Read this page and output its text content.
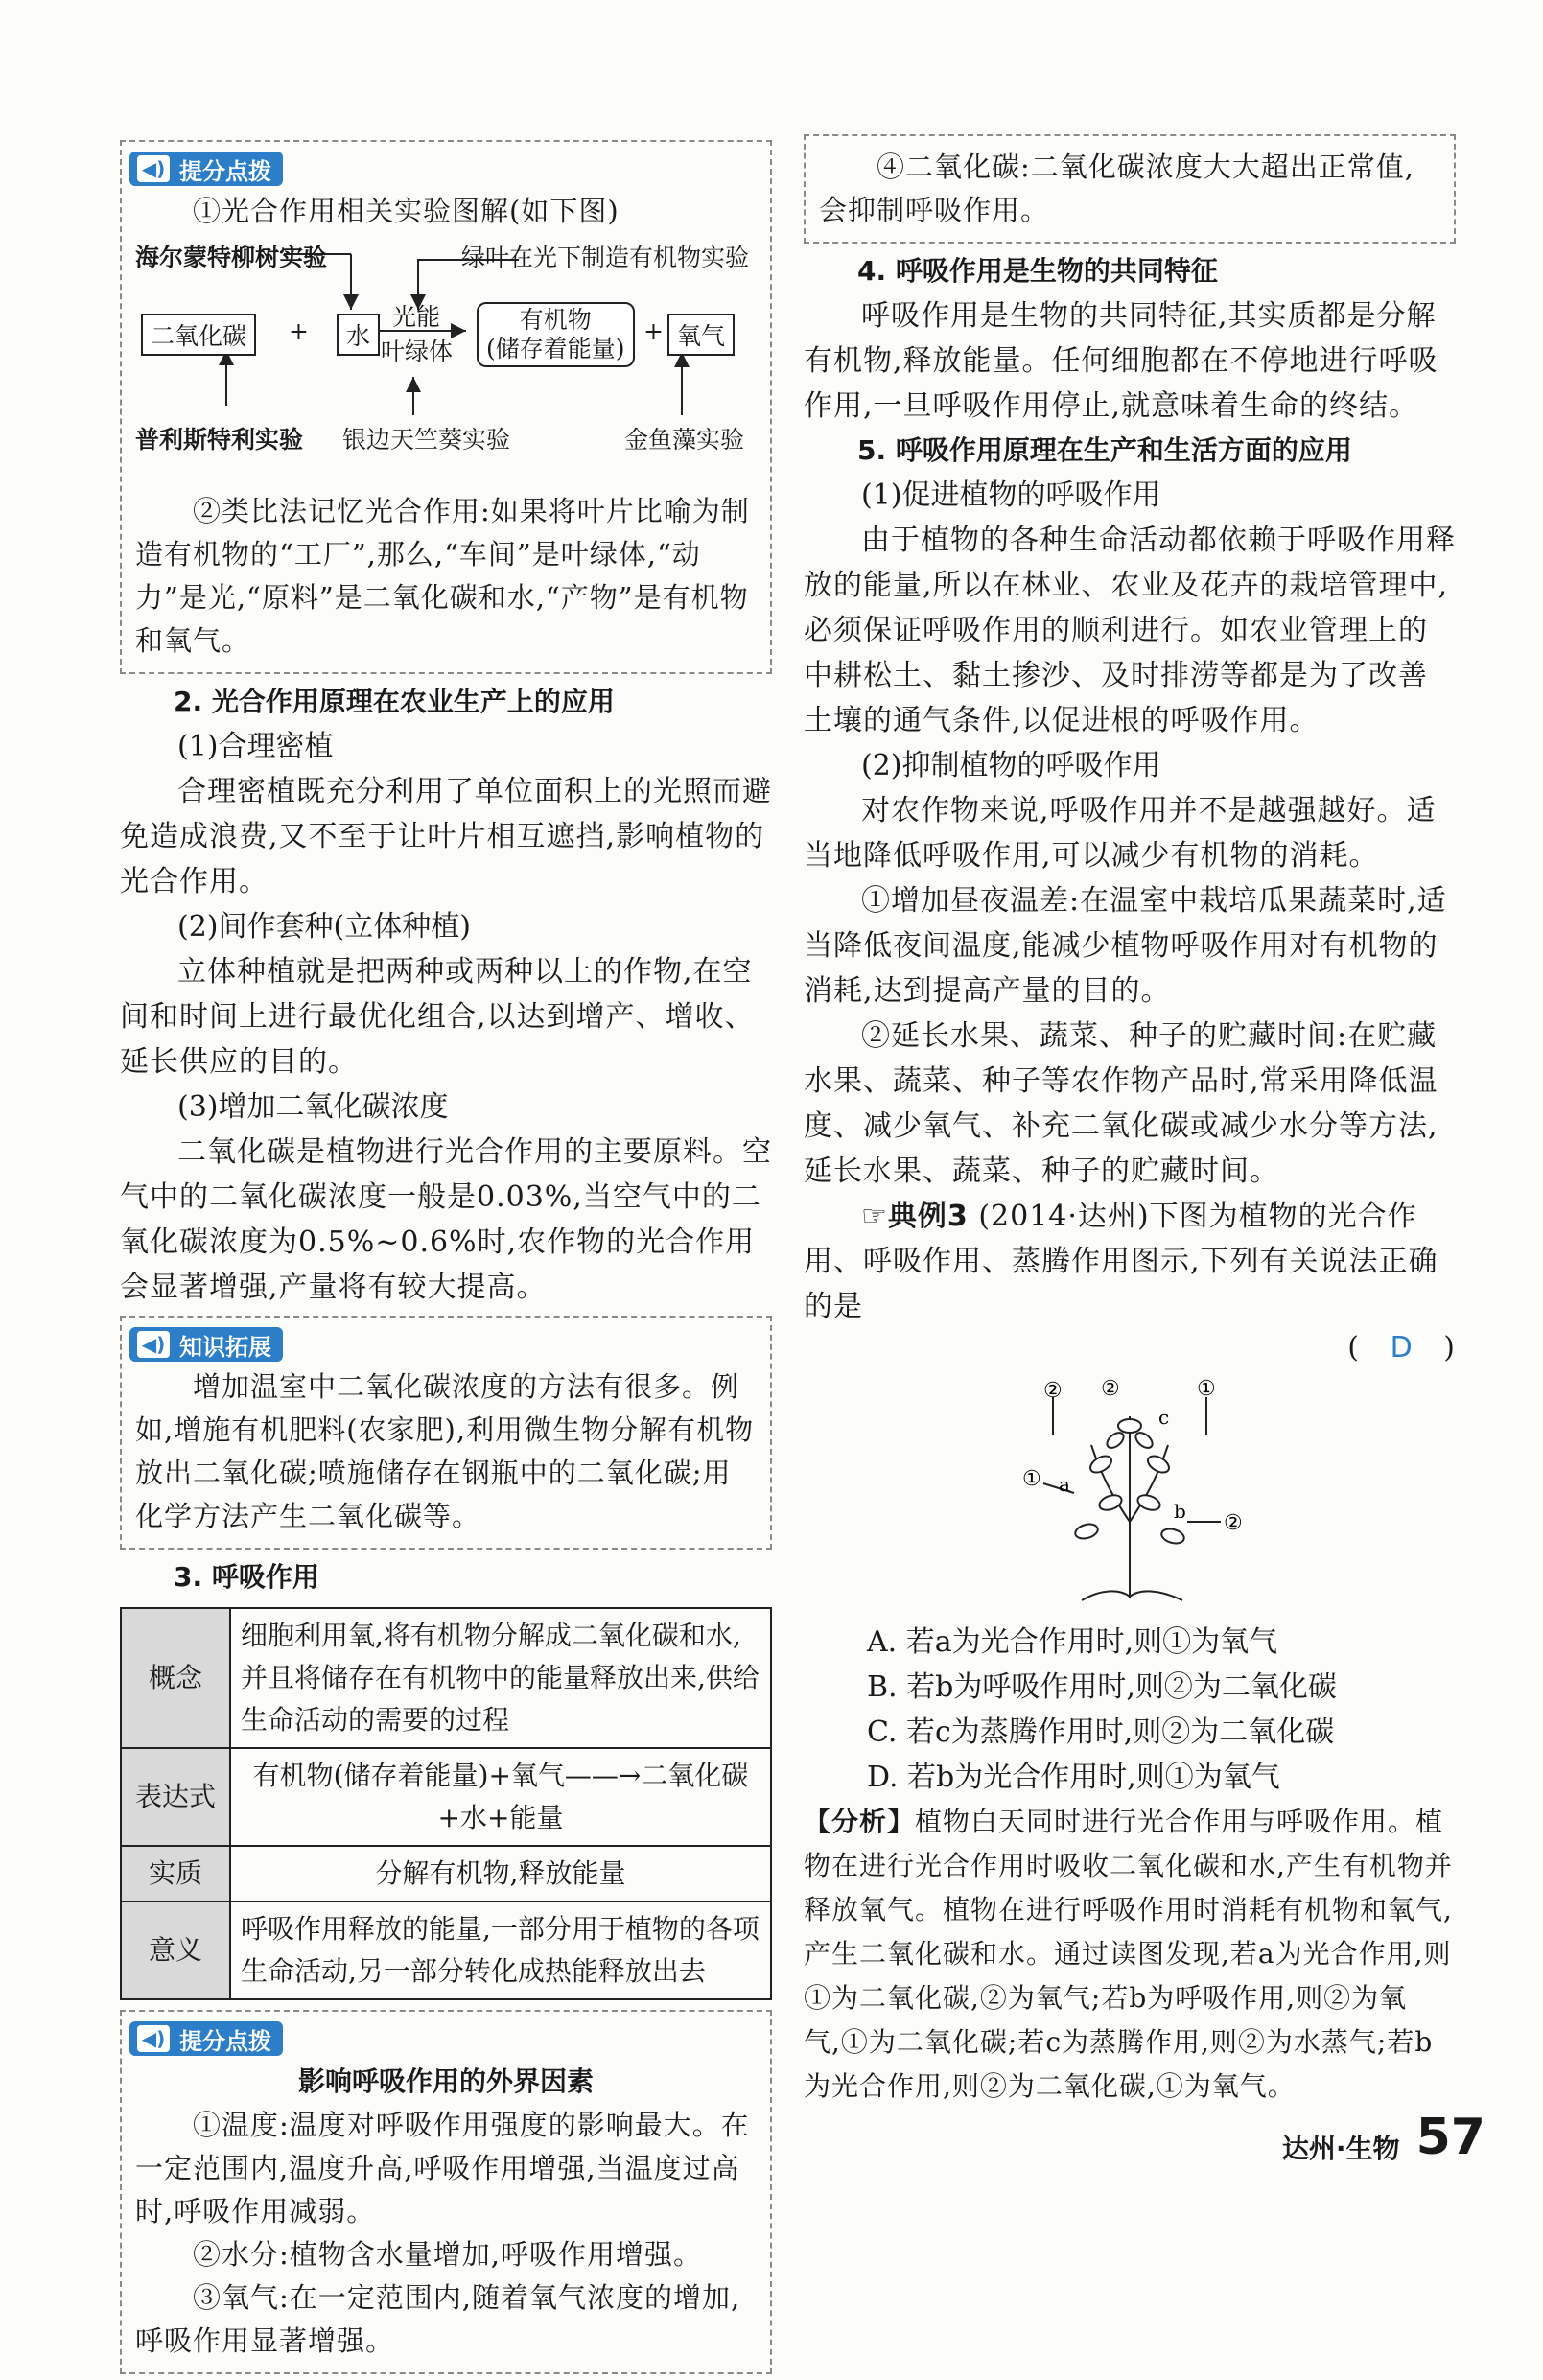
◀) 提分点拨

①光合作用相关实验图解(如下图)

海尔蒙特柳树实验	绿叶在光下制造有机物实验
二氧化碳	+	水
光能
叶绿体
有机物
(储存着能量)
+ 氧气
普利斯特利实验 银边天竺葵实验	金鱼藻实验

②类比法记忆光合作用:如果将叶片比喻为制造有机物的“工厂”,那么,“车间”是叶绿体,“动力”是光,“原料”是二氧化碳和水,“产物”是有机物和氧气。

2. 光合作用原理在农业生产上的应用

(1)合理密植

合理密植既充分利用了单位面积上的光照而避免造成浪费,又不至于让叶片相互遮挡,影响植物的光合作用。

(2)间作套种(立体种植)

立体种植就是把两种或两种以上的作物,在空间和时间上进行最优化组合,以达到增产、增收、延长供应的目的。

(3)增加二氧化碳浓度

二氧化碳是植物进行光合作用的主要原料。空气中的二氧化碳浓度一般是0.03%,当空气中的二氧化碳浓度为0.5%~0.6%时,农作物的光合作用会显著增强,产量将有较大提高。

◀) 知识拓展

增加温室中二氧化碳浓度的方法有很多。例如,增施有机肥料(农家肥),利用微生物分解有机物放出二氧化碳;喷施储存在钢瓶中的二氧化碳;用化学方法产生二氧化碳等。

3. 呼吸作用

概念	细胞利用氧,将有机物分解成二氧化碳和水,并且将储存在有机物中的能量释放出来,供给生命活动的需要的过程
表达式	有机物(储存着能量)+氧气——→二氧化碳+水+能量
实质	分解有机物,释放能量
意义	呼吸作用释放的能量,一部分用于植物的各项生命活动,另一部分转化成热能释放出去
◀) 提分点拨

影响呼吸作用的外界因素

①温度:温度对呼吸作用强度的影响最大。在一定范围内,温度升高,呼吸作用增强,当温度过高时,呼吸作用减弱。

②水分:植物含水量增加,呼吸作用增强。

③氧气:在一定范围内,随着氧气浓度的增加,呼吸作用显著增强。

④二氧化碳:二氧化碳浓度大大超出正常值,会抑制呼吸作用。

4. 呼吸作用是生物的共同特征

呼吸作用是生物的共同特征,其实质都是分解有机物,释放能量。任何细胞都在不停地进行呼吸作用,一旦呼吸作用停止,就意味着生命的终结。

5. 呼吸作用原理在生产和生活方面的应用

(1)促进植物的呼吸作用

由于植物的各种生命活动都依赖于呼吸作用释放的能量,所以在林业、农业及花卉的栽培管理中,必须保证呼吸作用的顺利进行。如农业管理上的中耕松土、黏土掺沙、及时排涝等都是为了改善土壤的通气条件,以促进根的呼吸作用。

(2)抑制植物的呼吸作用

对农作物来说,呼吸作用并不是越强越好。适当地降低呼吸作用,可以减少有机物的消耗。

①增加昼夜温差:在温室中栽培瓜果蔬菜时,适当降低夜间温度,能减少植物呼吸作用对有机物的消耗,达到提高产量的目的。

②延长水果、蔬菜、种子的贮藏时间:在贮藏水果、蔬菜、种子等农作物产品时,常采用降低温度、减少氧气、补充二氧化碳或减少水分等方法,延长水果、蔬菜、种子的贮藏时间。

☞典例3 (2014·达州)下图为植物的光合作用、呼吸作用、蒸腾作用图示,下列有关说法正确的是

( D )

②
②	①
①
②
a
b
c

A. 若a为光合作用时,则①为氧气

B. 若b为呼吸作用时,则②为二氧化碳

C. 若c为蒸腾作用时,则②为二氧化碳

D. 若b为光合作用时,则①为氧气

【分析】植物白天同时进行光合作用与呼吸作用。植物在进行光合作用时吸收二氧化碳和水,产生有机物并释放氧气。植物在进行呼吸作用时消耗有机物和氧气,产生二氧化碳和水。通过读图发现,若a为光合作用,则①为二氧化碳,②为氧气;若b为呼吸作用,则②为氧气,①为二氧化碳;若c为蒸腾作用,则②为水蒸气;若b为光合作用,则②为二氧化碳,①为氧气。

达州·生物 57
